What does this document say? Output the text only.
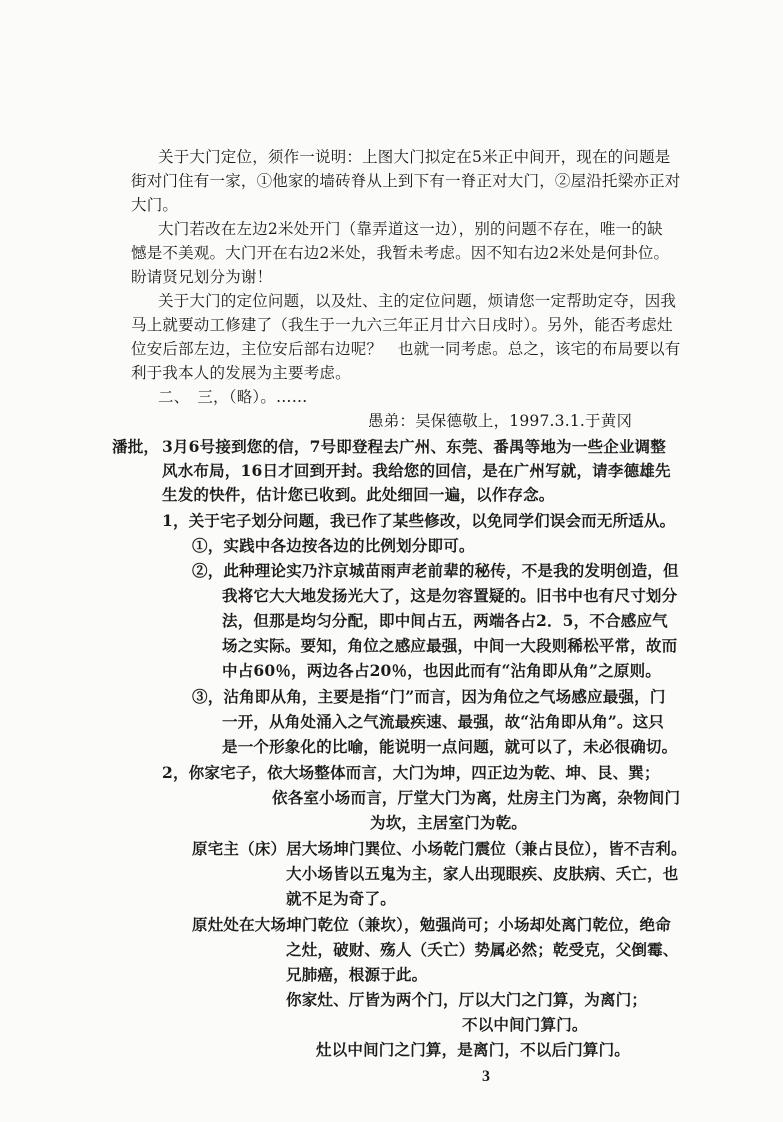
关于大门定位，须作一说明：上图大门拟定在5米正中间开，现在的问题是
街对门住有一家，①他家的墙砖脊从上到下有一脊正对大门，②屋沿托梁亦正对
大门。
大门若改在左边2米处开门（靠弄道这一边），别的问题不存在，唯一的缺
憾是不美观。大门开在右边2米处，我暂未考虑。因不知右边2米处是何卦位。
盼请贤兄划分为谢！
关于大门的定位问题，以及灶、主的定位问题，烦请您一定帮助定夺，因我
马上就要动工修建了（我生于一九六三年正月廿六日戌时）。另外，能否考虑灶
位安后部左边，主位安后部右边呢？　也就一同考虑。总之，该宅的布局要以有
利于我本人的发展为主要考虑。
二、　三，（略）。……
愚弟：吴保德敬上，1997.3.1.于黄冈
潘批， 3月6号接到您的信，7号即登程去广州、东莞、番禺等地为一些企业调整
风水布局，16日才回到开封。我给您的回信，是在广州写就，请李德雄先
生发的快件，估计您已收到。此处细回一遍，以作存念。
1，关于宅子划分问题，我已作了某些修改，以免同学们误会而无所适从。
①，实践中各边按各边的比例划分即可。
②，此种理论实乃汴京城苗雨声老前辈的秘传，不是我的发明创造，但
我将它大大地发扬光大了，这是勿容置疑的。旧书中也有尺寸划分
法，但那是均匀分配，即中间占五，两端各占2．5，不合感应气
场之实际。要知，角位之感应最强，中间一大段则稀松平常，故而
中占60％，两边各占20％，也因此而有“沾角即从角”之原则。
③，沾角即从角，主要是指“门”而言，因为角位之气场感应最强，门
一开，从角处涌入之气流最疾速、最强，故“沾角即从角”。这只
是一个形象化的比喻，能说明一点问题，就可以了，未必很确切。
2，你家宅子，依大场整体而言，大门为坤，四正边为乾、坤、艮、巽；
依各室小场而言，厅堂大门为离，灶房主门为离，杂物间门
为坎，主居室门为乾。
原宅主（床）居大场坤门巽位、小场乾门震位（兼占艮位），皆不吉利。
大小场皆以五鬼为主，家人出现眼疾、皮肤病、夭亡，也
就不足为奇了。
原灶处在大场坤门乾位（兼坎），勉强尚可；小场却处离门乾位，绝命
之灶，破财、殇人（夭亡）势属必然；乾受克，父倒霉、
兄肺癌，根源于此。
你家灶、厅皆为两个门，厅以大门之门算，为离门；
不以中间门算门。
灶以中间门之门算，是离门，不以后门算门。
3
